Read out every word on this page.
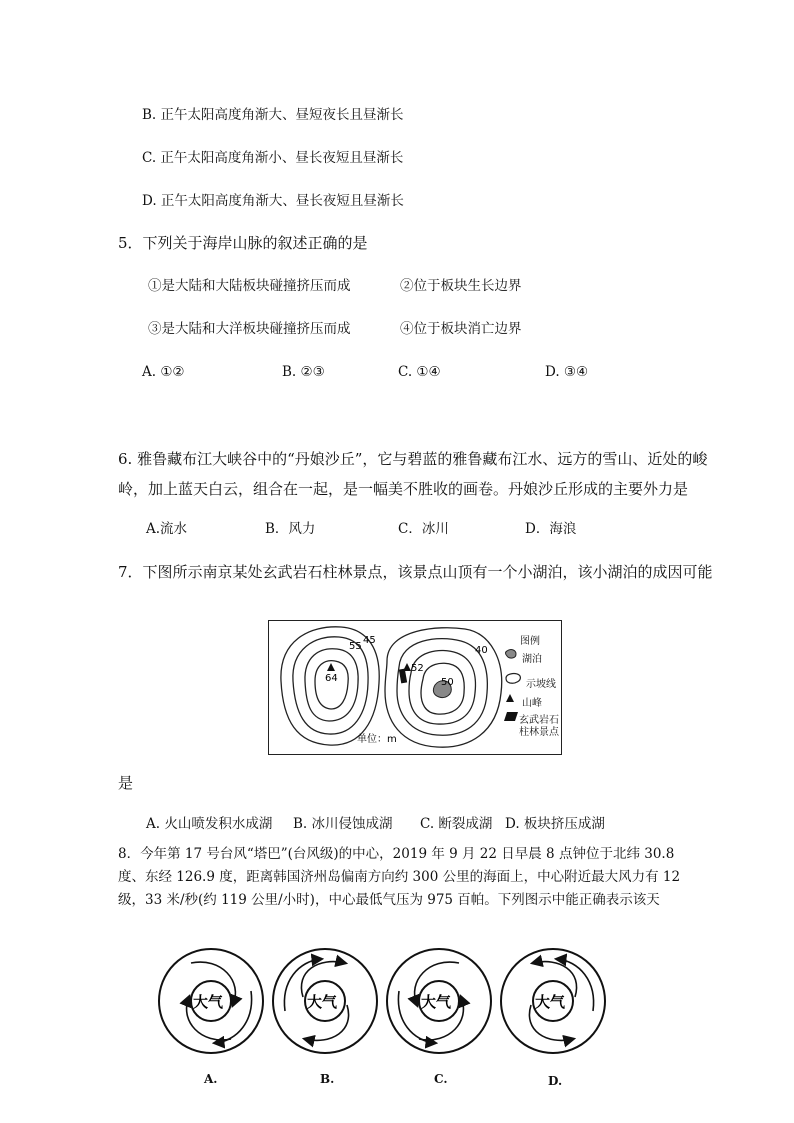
B. 正午太阳高度角渐大、昼短夜长且昼渐长
C. 正午太阳高度角渐小、昼长夜短且昼渐长
D. 正午太阳高度角渐大、昼长夜短且昼渐长
5．下列关于海岸山脉的叙述正确的是
①是大陆和大陆板块碰撞挤压而成	②位于板块生长边界
③是大陆和大洋板块碰撞挤压而成	④位于板块消亡边界
A. ①②	B. ②③	C. ①④	D. ③④
6. 雅鲁藏布江大峡谷中的“丹娘沙丘”，它与碧蓝的雅鲁藏布江水、远方的雪山、近处的峻
岭，加上蓝天白云，组合在一起，是一幅美不胜收的画卷。丹娘沙丘形成的主要外力是
A.流水	B．风力	C．冰川	D．海浪
7．下图所示南京某处玄武岩石柱林景点，该景点山顶有一个小湖泊，该小湖泊的成因可能
55
45
64
52
50
40
单位：m
图例
湖泊
示坡线
山峰
玄武岩石
柱林景点
是
A. 火山喷发积水成湖 B. 冰川侵蚀成湖 C. 断裂成湖 D. 板块挤压成湖
8．今年第 17 号台风“塔巴”(台风级)的中心，2019 年 9 月 22 日早晨 8 点钟位于北纬 30.8
度、东经 126.9 度，距离韩国济州岛偏南方向约 300 公里的海面上，中心附近最大风力有 12
级，33 米/秒(约 119 公里/小时)，中心最低气压为 975 百帕。下列图示中能正确表示该天
大气	大气	大气	大气
A.	B.	C.	D.
